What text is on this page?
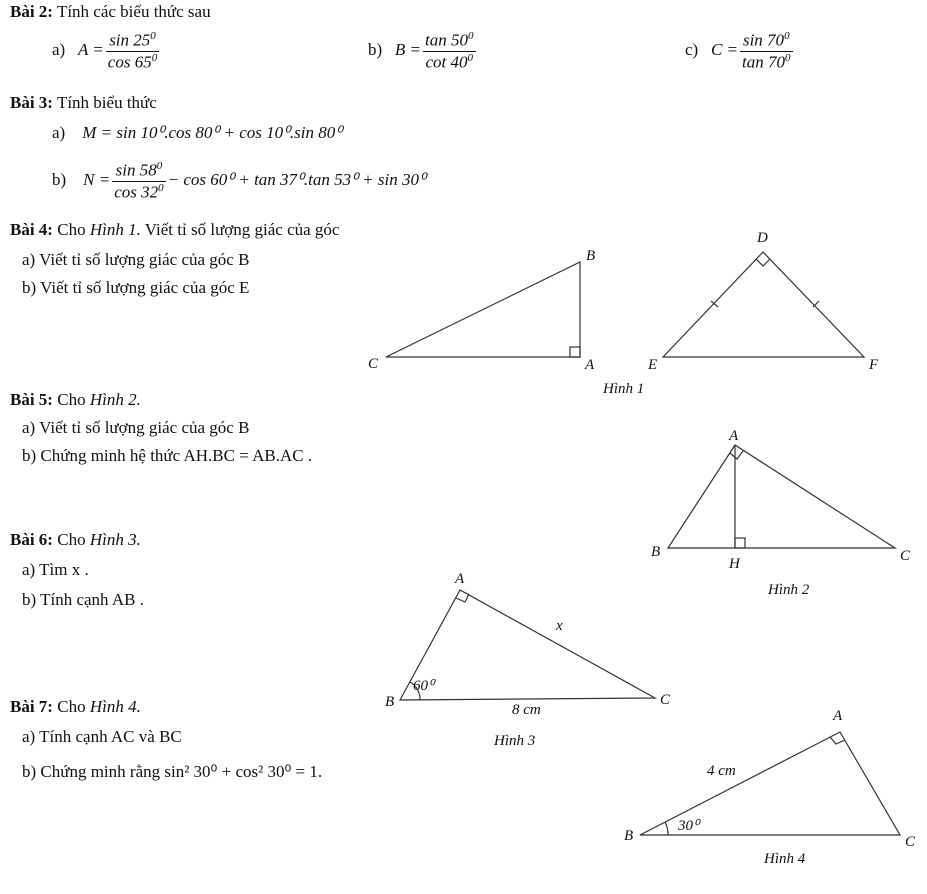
Bài 2: Tính các biểu thức sau
a) $A = \frac{\sin 25^0}{\cos 65^0}$	b) $B = \frac{\tan 50^0}{\cot 40^0}$	c) $C = \frac{\sin 70^0}{\tan 70^0}$
Bài 3: Tính biểu thức
a) M = sin 10⁰.cos 80⁰ + cos 10⁰.sin 80⁰
b) $N = \frac{\sin 58^0}{\cos 32^0} - \cos 60^0 + \tan 37^0.\tan$ 53⁰ + sin 30⁰
Bài 4: Cho Hình 1. Viết tỉ số lượng giác của góc
a) Viết tỉ số lượng giác của góc B
b) Viết tỉ số lượng giác của góc E
Bài 5: Cho Hình 2.
a) Viết tỉ số lượng giác của góc B
b) Chứng minh hệ thức AH.BC = AB.AC .
Bài 6: Cho Hình 3.
a) Tìm x .
b) Tính cạnh AB .
Bài 7: Cho Hình 4.
a) Tính cạnh AC và BC
b) Chứng minh rằng sin² 30⁰ + cos² 30⁰ = 1.
B
C	A
D
E	F
Hình 1
A
B	C
H
Hình 2
A
B	C
x
60⁰
8 cm
Hình 3
A
B	C
4 cm
30⁰
Hình 4
